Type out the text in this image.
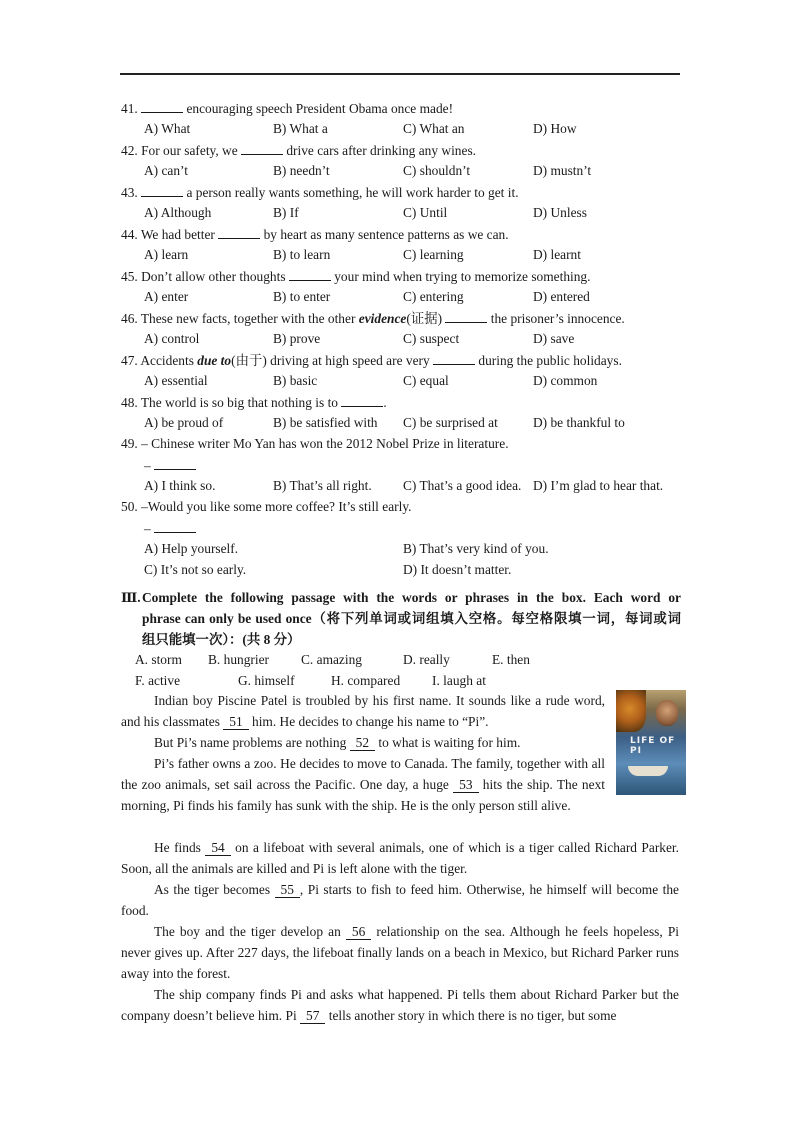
41.	encouraging speech President Obama once made!
A) What	B) What a	C) What an	D) How
42. For our safety, we	drive cars after drinking any wines.
A) can’t	B) needn’t	C) shouldn’t	D) mustn’t
43.	a person really wants something, he will work harder to get it.
A) Although	B) If	C) Until	D) Unless
44. We had better	by heart as many sentence patterns as we can.
A) learn	B) to learn	C) learning	D) learnt
45. Don’t allow other thoughts	your mind when trying to memorize something.
A) enter	B) to enter	C) entering	D) entered
46. These new facts, together with the other evidence(证据)	the prisoner’s innocence.
A) control	B) prove	C) suspect	D) save
47. Accidents due to(由于) driving at high speed are very	during the public holidays.
A) essential	B) basic	C) equal	D) common
48. The world is so big that nothing is to	.
A) be proud of	B) be satisfied with C) be surprised at	D) be thankful to
49. – Chinese writer Mo Yan has won the 2012 Nobel Prize in literature.
–
A) I think so.	B) That’s all right. C) That’s a good idea. D) I’m glad to hear that.
50. –Would you like some more coffee? It’s still early.
–
A) Help yourself.	B) That’s very kind of you.
C) It’s not so early.	D) It doesn’t matter.
Ⅲ. Complete the following passage with the words or phrases in the box. Each word or
phrase can only be used once（将下列单词或词组填入空格。每空格限填一词，每词或词
组只能填一次）：(共 8 分）
A. storm B. hungrier C. amazing	D. really	E. then
F. active	G. himself	H. compared I. laugh at
LIFE OF PI
Indian boy Piscine Patel is troubled by his first name. It sounds like a rude word, and his classmates 51 him. He decides to change his name to “Pi”.
But Pi’s name problems are nothing 52 to what is waiting for him.
Pi’s father owns a zoo. He decides to move to Canada. The family, together with all the zoo animals, set sail across the Pacific. One day, a huge 53 hits the ship. The next morning, Pi finds his family has sunk with the ship. He is the only person still alive.
He finds 54 on a lifeboat with several animals, one of which is a tiger called Richard Parker. Soon, all the animals are killed and Pi is left alone with the tiger.
As the tiger becomes 55 , Pi starts to fish to feed him. Otherwise, he himself will become the food.
The boy and the tiger develop an 56 relationship on the sea. Although he feels hopeless, Pi never gives up. After 227 days, the lifeboat finally lands on a beach in Mexico, but Richard Parker runs away into the forest.
The ship company finds Pi and asks what happened. Pi tells them about Richard Parker but the company doesn’t believe him. Pi 57 tells another story in which there is no tiger, but some
